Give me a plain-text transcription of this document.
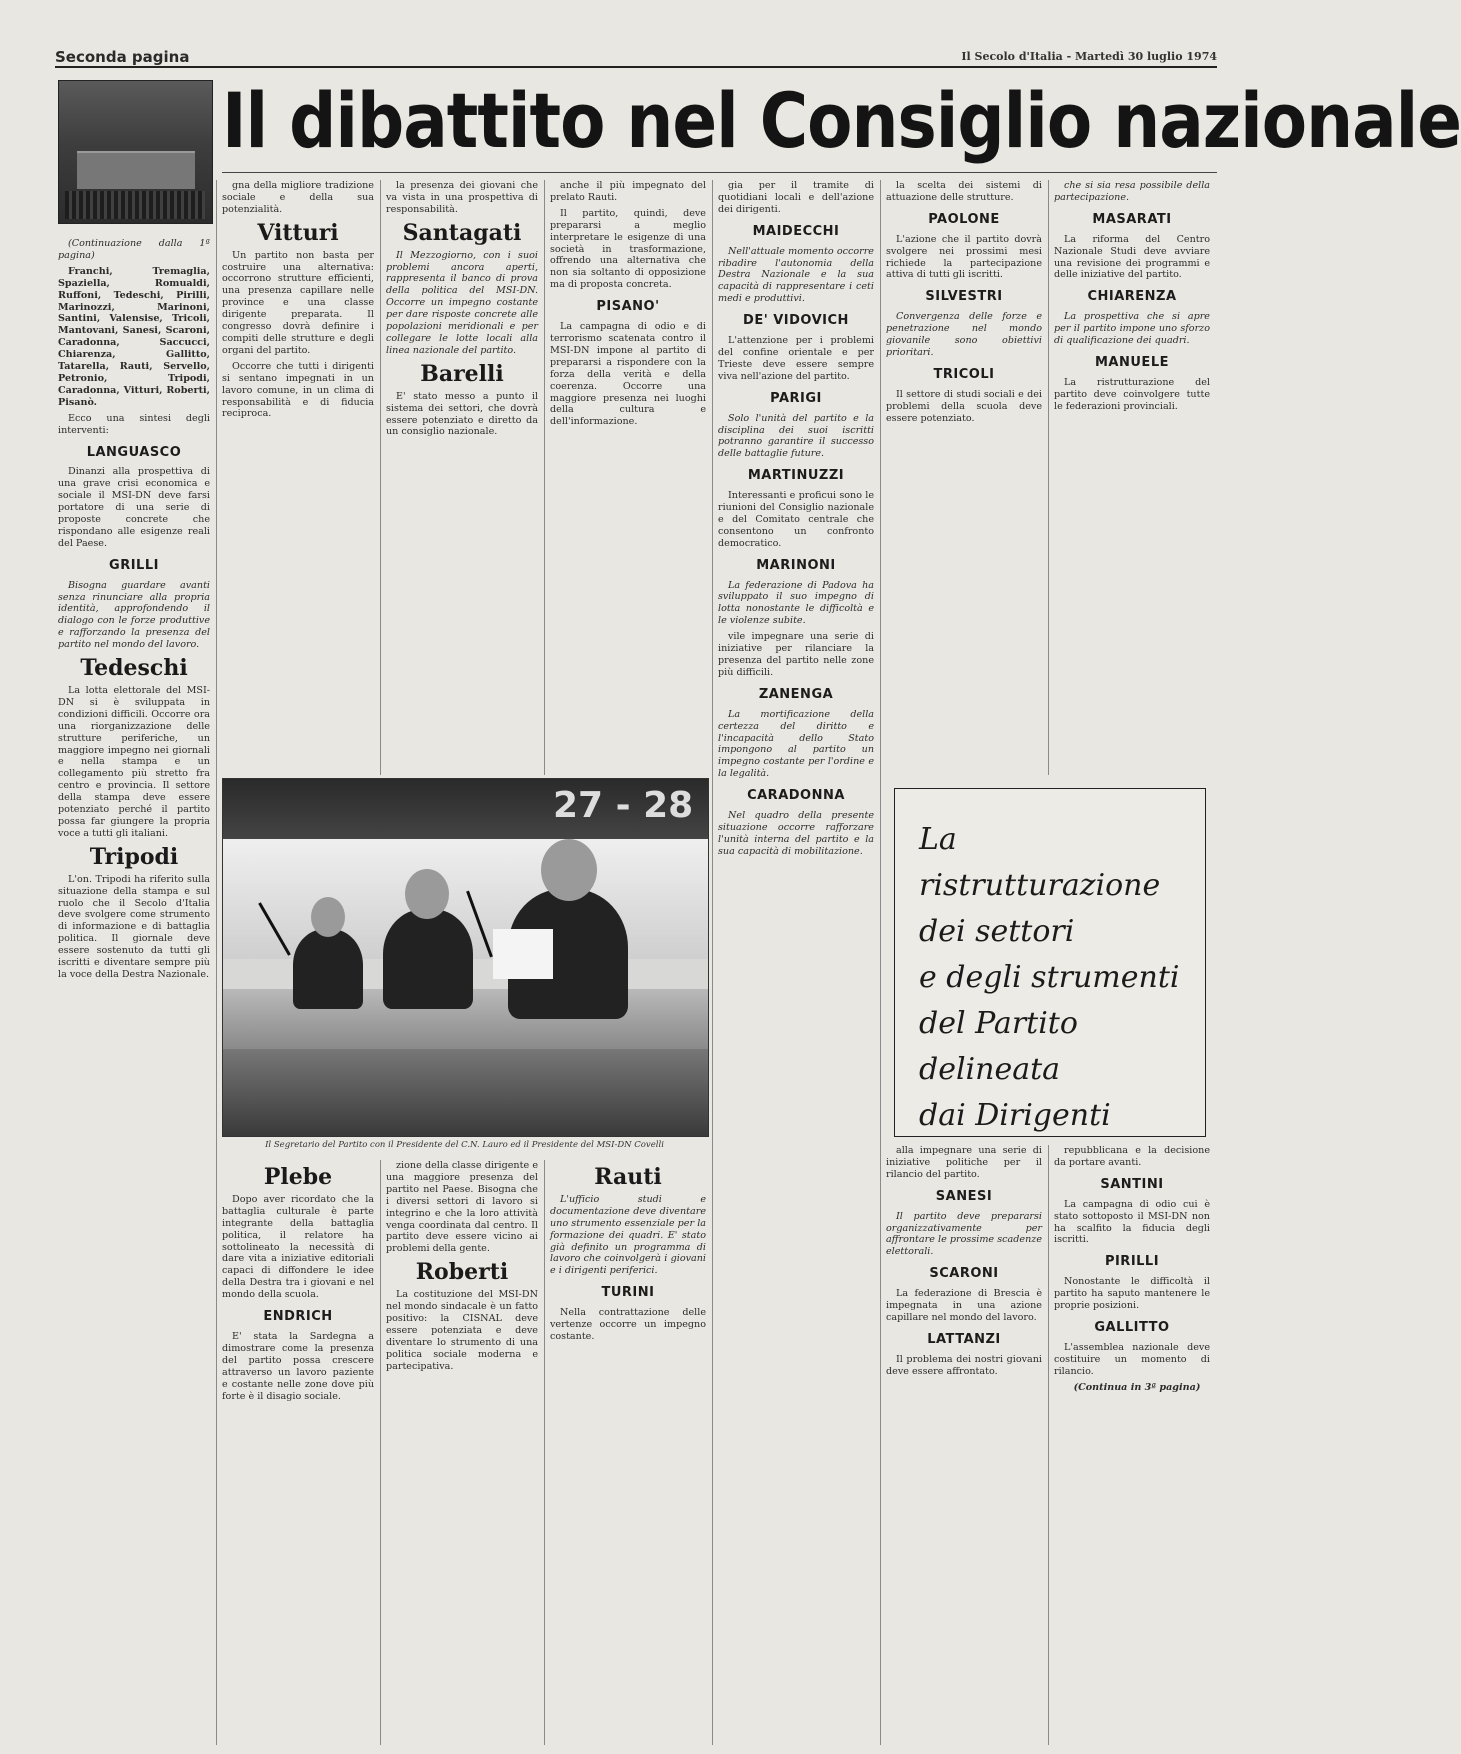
Seconda pagina	Il Secolo d'Italia - Martedì 30 luglio 1974
Il dibattito nel Consiglio nazionale

(Continuazione dalla 1ª pagina)

Franchi, Tremaglia, Spaziella, Romualdi, Ruffoni, Tedeschi, Pirilli, Marinozzi, Marinoni, Santini, Valensise, Tricoli, Mantovani, Sanesi, Scaroni, Caradonna, Saccucci, Chiarenza, Gallitto, Tatarella, Rauti, Servello, Petronio, Tripodi, Caradonna, Vitturi, Roberti, Pisanò.

Ecco una sintesi degli interventi:

LANGUASCO

Dinanzi alla prospettiva di una grave crisi economica e sociale il MSI-DN deve farsi portatore di una serie di proposte concrete che rispondano alle esigenze reali del Paese.

GRILLI

Bisogna guardare avanti senza rinunciare alla propria identità, approfondendo il dialogo con le forze produttive e rafforzando la presenza del partito nel mondo del lavoro.

Tedeschi

La lotta elettorale del MSI-DN si è sviluppata in condizioni difficili. Occorre ora una riorganizzazione delle strutture periferiche, un maggiore impegno nei giornali e nella stampa e un collegamento più stretto fra centro e provincia. Il settore della stampa deve essere potenziato perché il partito possa far giungere la propria voce a tutti gli italiani.

Tripodi

L'on. Tripodi ha riferito sulla situazione della stampa e sul ruolo che il Secolo d'Italia deve svolgere come strumento di informazione e di battaglia politica. Il giornale deve essere sostenuto da tutti gli iscritti e diventare sempre più la voce della Destra Nazionale.

gna della migliore tradizione sociale e della sua potenzialità.

Vitturi

Un partito non basta per costruire una alternativa: occorrono strutture efficienti, una presenza capillare nelle province e una classe dirigente preparata. Il congresso dovrà definire i compiti delle strutture e degli organi del partito.

Occorre che tutti i dirigenti si sentano impegnati in un lavoro comune, in un clima di responsabilità e di fiducia reciproca.

Plebe

Dopo aver ricordato che la battaglia culturale è parte integrante della battaglia politica, il relatore ha sottolineato la necessità di dare vita a iniziative editoriali capaci di diffondere le idee della Destra tra i giovani e nel mondo della scuola.

ENDRICH

E' stata la Sardegna a dimostrare come la presenza del partito possa crescere attraverso un lavoro paziente e costante nelle zone dove più forte è il disagio sociale.

la presenza dei giovani che va vista in una prospettiva di responsabilità.

Santagati

Il Mezzogiorno, con i suoi problemi ancora aperti, rappresenta il banco di prova della politica del MSI-DN. Occorre un impegno costante per dare risposte concrete alle popolazioni meridionali e per collegare le lotte locali alla linea nazionale del partito.

Barelli

E' stato messo a punto il sistema dei settori, che dovrà essere potenziato e diretto da un consiglio nazionale.

zione della classe dirigente e una maggiore presenza del partito nel Paese. Bisogna che i diversi settori di lavoro si integrino e che la loro attività venga coordinata dal centro. Il partito deve essere vicino ai problemi della gente.

Roberti

La costituzione del MSI-DN nel mondo sindacale è un fatto positivo: la CISNAL deve essere potenziata e deve diventare lo strumento di una politica sociale moderna e partecipativa.

anche il più impegnato del prelato Rauti.

Il partito, quindi, deve prepararsi a meglio interpretare le esigenze di una società in trasformazione, offrendo una alternativa che non sia soltanto di opposizione ma di proposta concreta.

PISANO'

La campagna di odio e di terrorismo scatenata contro il MSI-DN impone al partito di prepararsi a rispondere con la forza della verità e della coerenza. Occorre una maggiore presenza nei luoghi della cultura e dell'informazione.

Rauti

L'ufficio studi e documentazione deve diventare uno strumento essenziale per la formazione dei quadri. E' stato già definito un programma di lavoro che coinvolgerà i giovani e i dirigenti periferici.

TURINI

Nella contrattazione delle vertenze occorre un impegno costante.

gia per il tramite di quotidiani locali e dell'azione dei dirigenti.

MAIDECCHI

Nell'attuale momento occorre ribadire l'autonomia della Destra Nazionale e la sua capacità di rappresentare i ceti medi e produttivi.

DE' VIDOVICH

L'attenzione per i problemi del confine orientale e per Trieste deve essere sempre viva nell'azione del partito.

PARIGI

Solo l'unità del partito e la disciplina dei suoi iscritti potranno garantire il successo delle battaglie future.

MARTINUZZI

Interessanti e proficui sono le riunioni del Consiglio nazionale e del Comitato centrale che consentono un confronto democratico.

MARINONI

La federazione di Padova ha sviluppato il suo impegno di lotta nonostante le difficoltà e le violenze subite.

vile impegnare una serie di iniziative per rilanciare la presenza del partito nelle zone più difficili.

ZANENGA

La mortificazione della certezza del diritto e l'incapacità dello Stato impongono al partito un impegno costante per l'ordine e la legalità.

CARADONNA

Nel quadro della presente situazione occorre rafforzare l'unità interna del partito e la sua capacità di mobilitazione.

la scelta dei sistemi di attuazione delle strutture.

PAOLONE

L'azione che il partito dovrà svolgere nei prossimi mesi richiede la partecipazione attiva di tutti gli iscritti.

SILVESTRI

Convergenza delle forze e penetrazione nel mondo giovanile sono obiettivi prioritari.

TRICOLI

Il settore di studi sociali e dei problemi della scuola deve essere potenziato.

alla impegnare una serie di iniziative politiche per il rilancio del partito.

SANESI

Il partito deve prepararsi organizzativamente per affrontare le prossime scadenze elettorali.

SCARONI

La federazione di Brescia è impegnata in una azione capillare nel mondo del lavoro.

LATTANZI

Il problema dei nostri giovani deve essere affrontato.

che si sia resa possibile della partecipazione.

MASARATI

La riforma del Centro Nazionale Studi deve avviare una revisione dei programmi e delle iniziative del partito.

CHIARENZA

La prospettiva che si apre per il partito impone uno sforzo di qualificazione dei quadri.

MANUELE

La ristrutturazione del partito deve coinvolgere tutte le federazioni provinciali.

repubblicana e la decisione da portare avanti.

SANTINI

La campagna di odio cui è stato sottoposto il MSI-DN non ha scalfito la fiducia degli iscritti.

PIRILLI

Nonostante le difficoltà il partito ha saputo mantenere le proprie posizioni.

GALLITTO

L'assemblea nazionale deve costituire un momento di rilancio.

(Continua in 3ª pagina)

27 - 28
Il Segretario del Partito con il Presidente del C.N. Lauro ed il Presidente del MSI-DN Covelli
La ristrutturazione
dei settori
e degli strumenti
del Partito
delineata
dai Dirigenti
